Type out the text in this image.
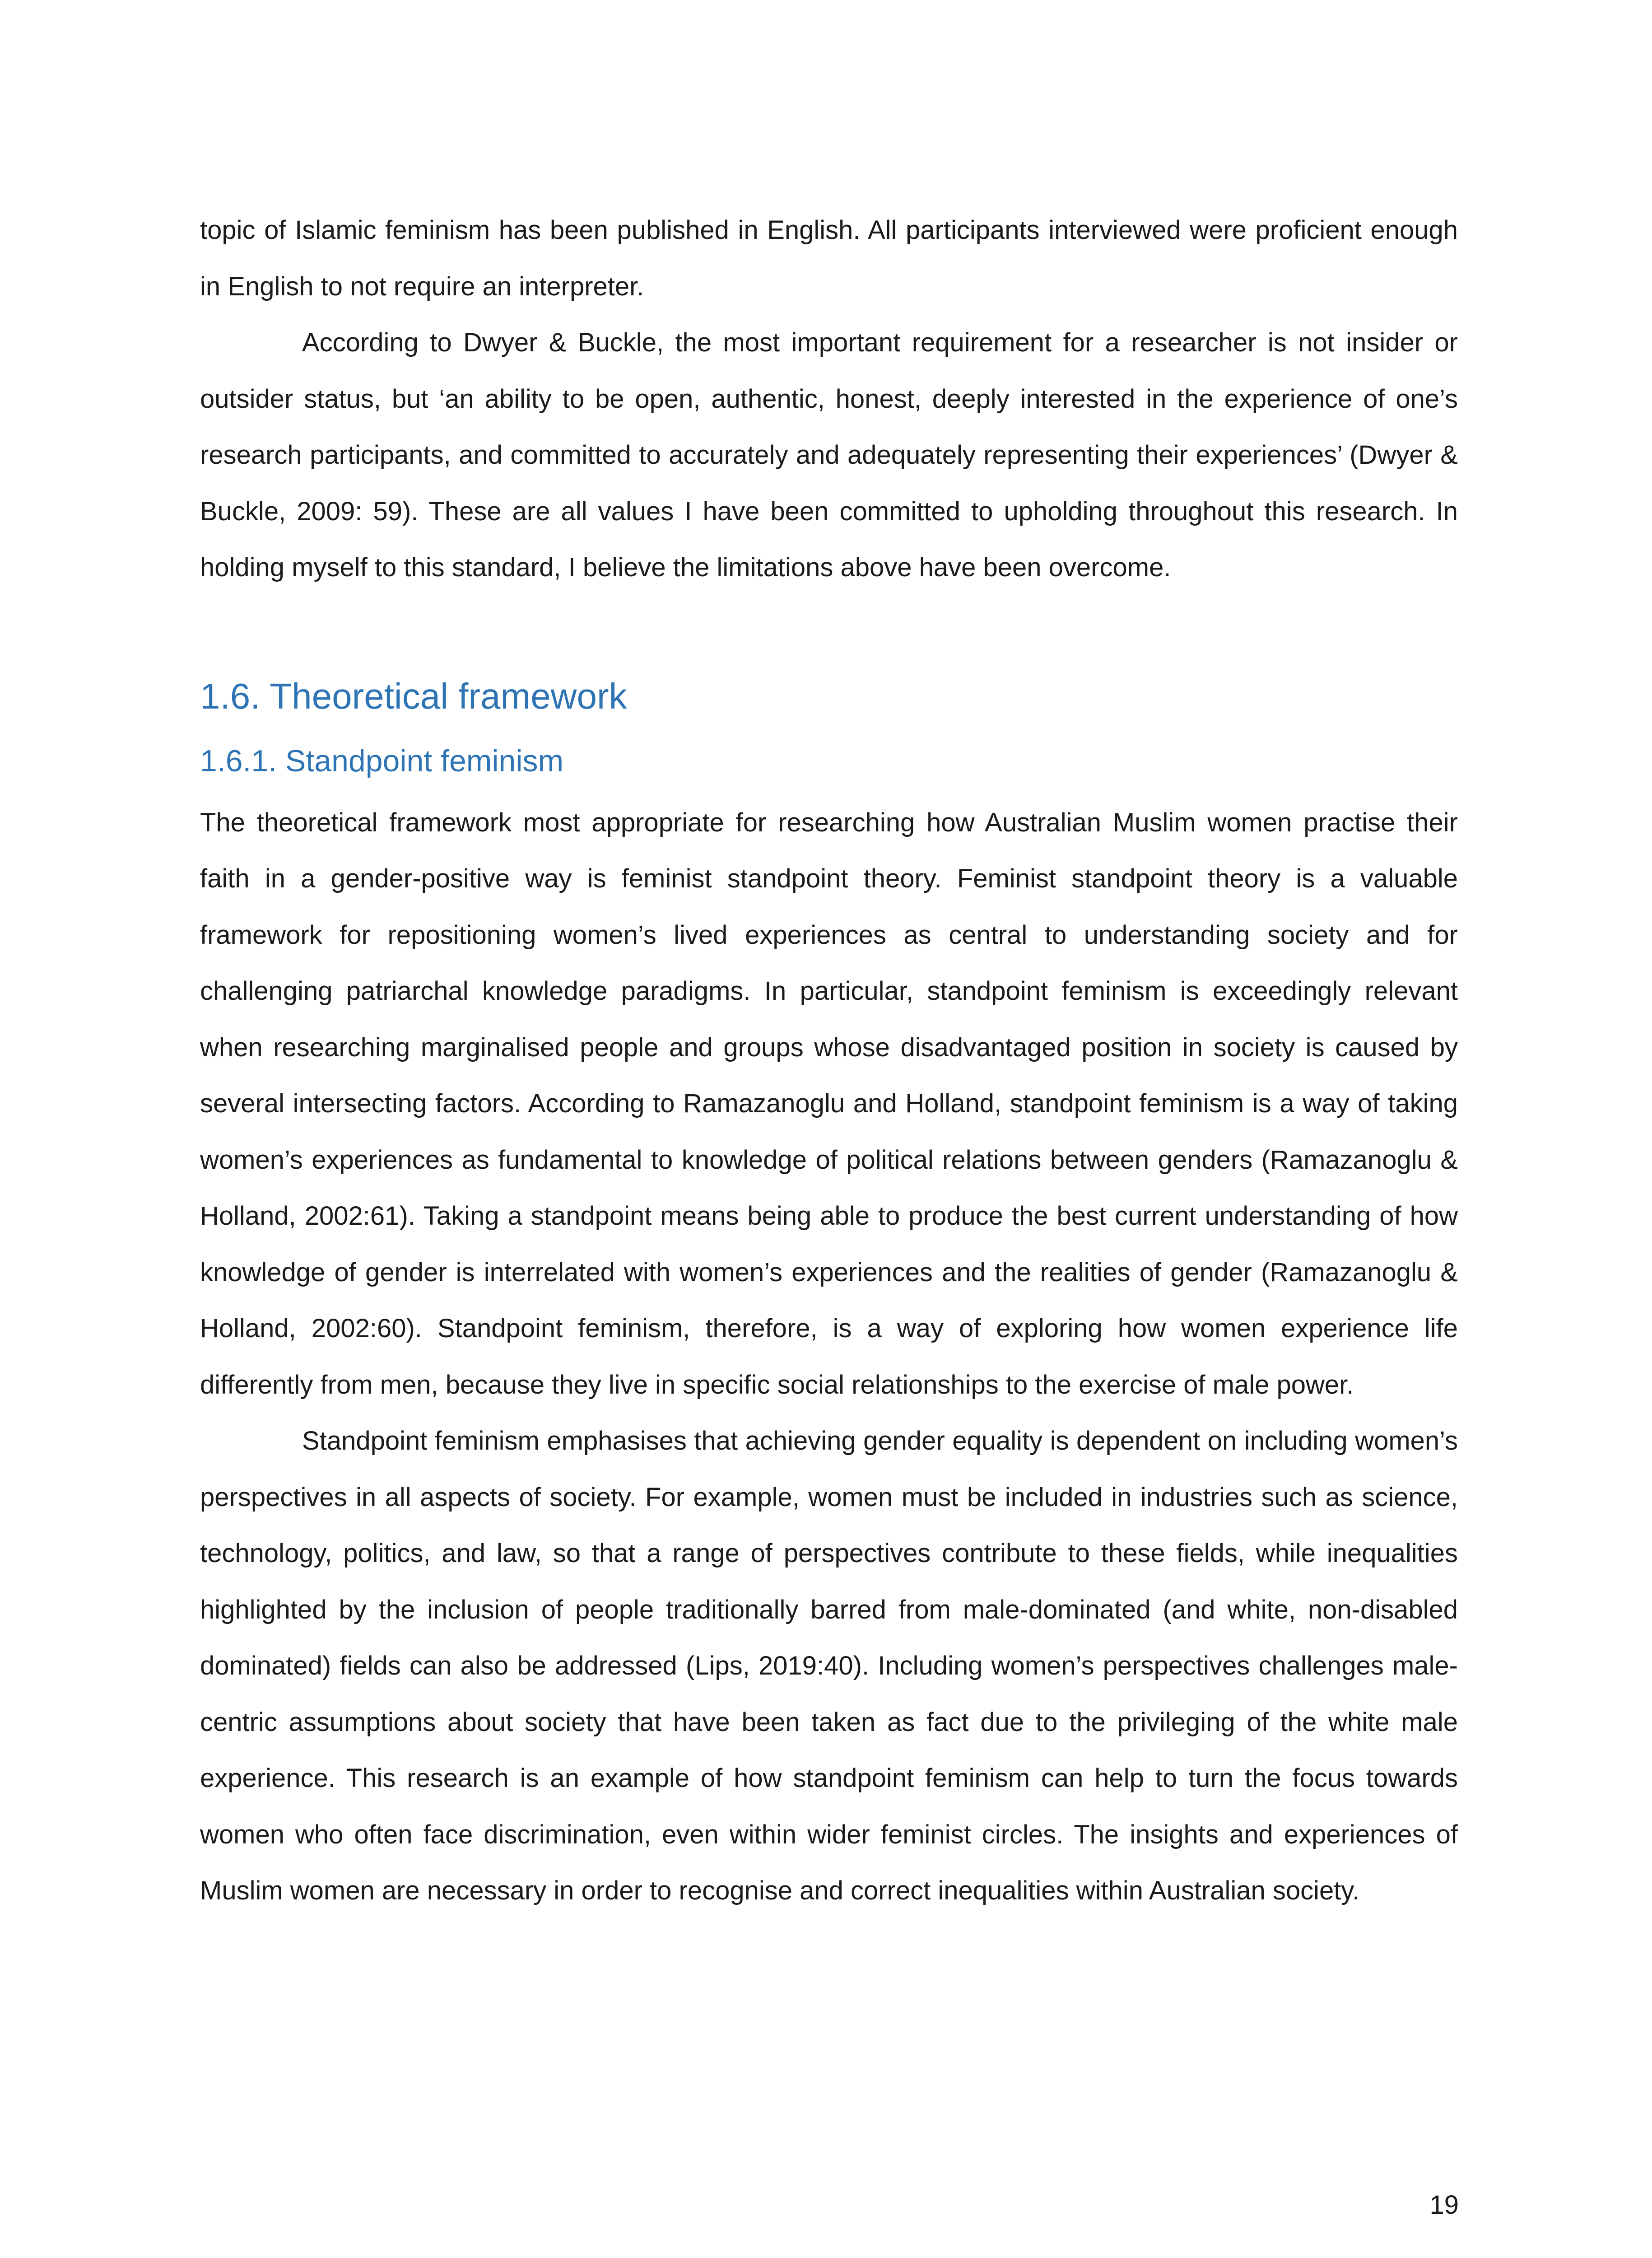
topic of Islamic feminism has been published in English. All participants interviewed were proficient enough in English to not require an interpreter.

According to Dwyer & Buckle, the most important requirement for a researcher is not insider or outsider status, but ‘an ability to be open, authentic, honest, deeply interested in the experience of one’s research participants, and committed to accurately and adequately representing their experiences’ (Dwyer & Buckle, 2009: 59). These are all values I have been committed to upholding throughout this research. In holding myself to this standard, I believe the limitations above have been overcome.

1.6. Theoretical framework
1.6.1. Standpoint feminism

The theoretical framework most appropriate for researching how Australian Muslim women practise their faith in a gender-positive way is feminist standpoint theory. Feminist standpoint theory is a valuable framework for repositioning women’s lived experiences as central to understanding society and for challenging patriarchal knowledge paradigms. In particular, standpoint feminism is exceedingly relevant when researching marginalised people and groups whose disadvantaged position in society is caused by several intersecting factors. According to Ramazanoglu and Holland, standpoint feminism is a way of taking women’s experiences as fundamental to knowledge of political relations between genders (Ramazanoglu & Holland, 2002:61). Taking a standpoint means being able to produce the best current understanding of how knowledge of gender is interrelated with women’s experiences and the realities of gender (Ramazanoglu & Holland, 2002:60). Standpoint feminism, therefore, is a way of exploring how women experience life differently from men, because they live in specific social relationships to the exercise of male power.

Standpoint feminism emphasises that achieving gender equality is dependent on including women’s perspectives in all aspects of society. For example, women must be included in industries such as science, technology, politics, and law, so that a range of perspectives contribute to these fields, while inequalities highlighted by the inclusion of people traditionally barred from male-dominated (and white, non-disabled dominated) fields can also be addressed (Lips, 2019:40). Including women’s perspectives challenges male-centric assumptions about society that have been taken as fact due to the privileging of the white male experience. This research is an example of how standpoint feminism can help to turn the focus towards women who often face discrimination, even within wider feminist circles. The insights and experiences of Muslim women are necessary in order to recognise and correct inequalities within Australian society.

19
